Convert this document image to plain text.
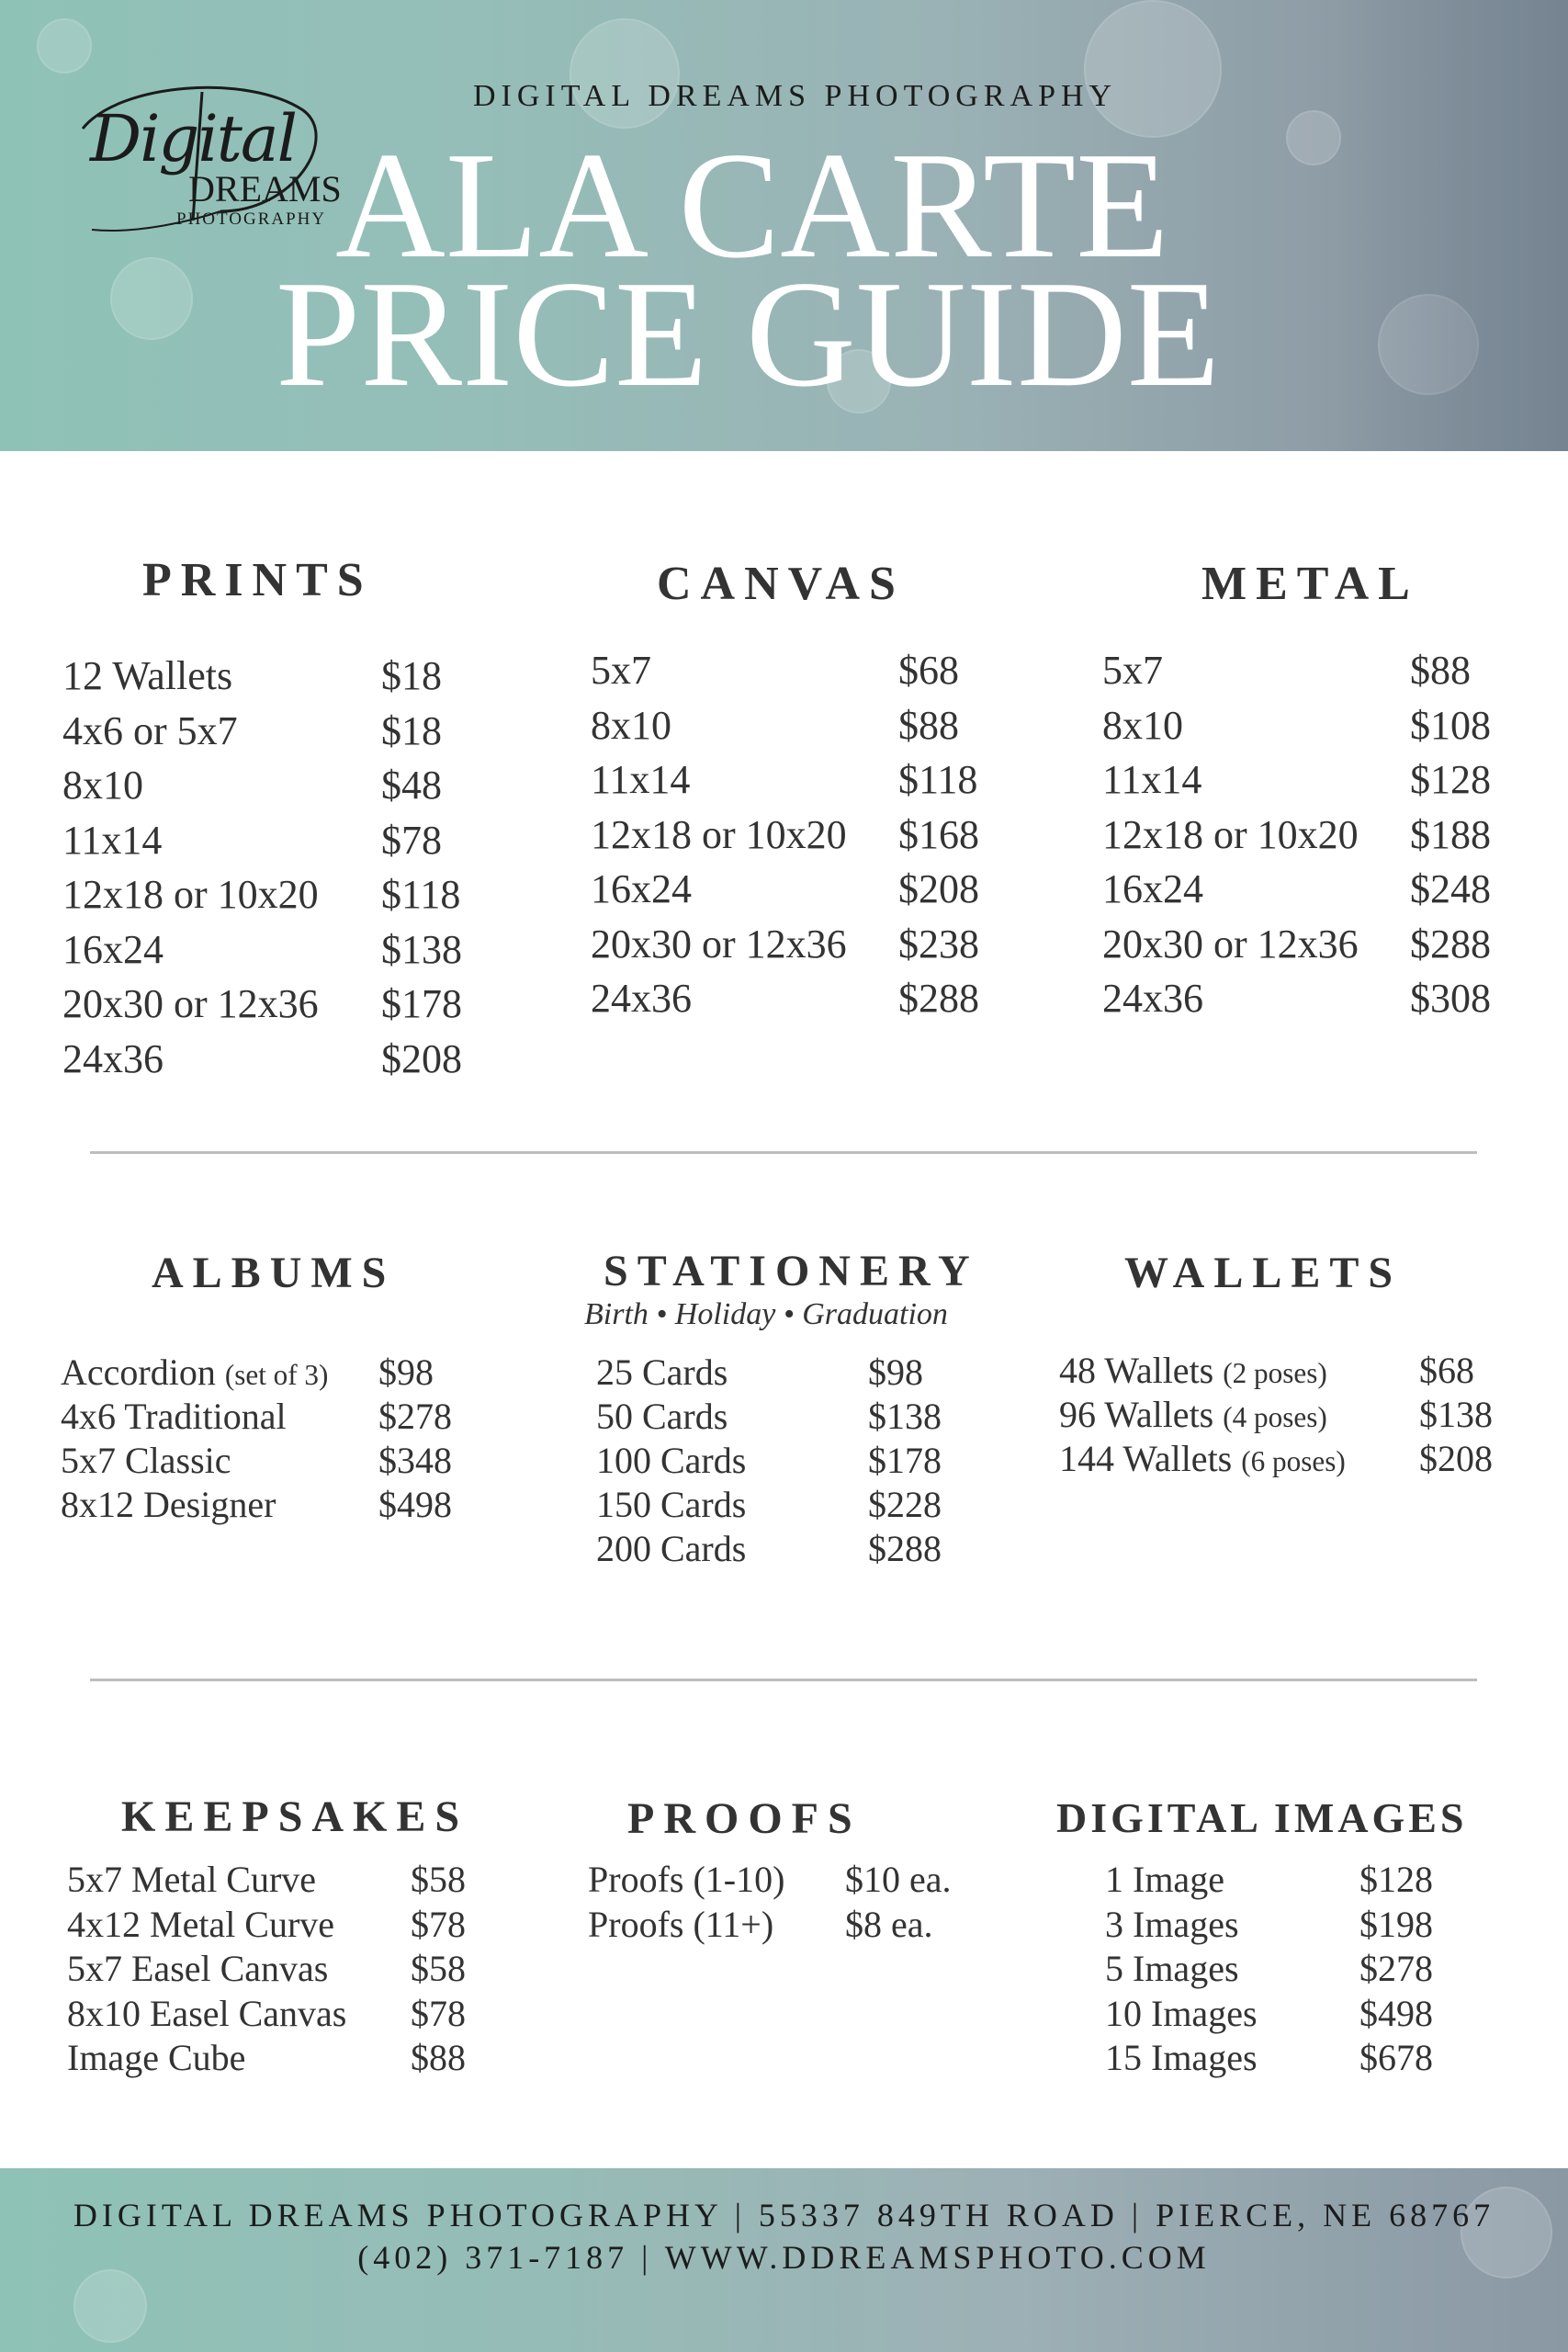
Digital
DREAMS
PHOTOGRAPHY
DIGITAL DREAMS PHOTOGRAPHY
ALA CARTE
PRICE GUIDE
PRINTS
12 Wallets	$18
4x6 or 5x7	$18
8x10	$48
11x14	$78
12x18 or 10x20 $118
16x24	$138
20x30 or 12x36 $178
24x36	$208
CANVAS
5x7	$68
8x10	$88
11x14	$118
12x18 or 10x20 $168
16x24	$208
20x30 or 12x36 $238
24x36	$288
METAL
5x7	$88
8x10	$108
11x14	$128
12x18 or 10x20 $188
16x24	$248
20x30 or 12x36 $288
24x36	$308
ALBUMS
Accordion (set of 3) $98
4x6 Traditional	$278
5x7 Classic	$348
8x12 Designer	$498
STATIONERY
Birth • Holiday • Graduation
25 Cards	$98
50 Cards	$138
100 Cards	$178
150 Cards	$228
200 Cards	$288
WALLETS
48 Wallets (2 poses)	$68
96 Wallets (4 poses)	$138
144 Wallets (6 poses) $208
KEEPSAKES
5x7 Metal Curve	$58
4x12 Metal Curve $78
5x7 Easel Canvas $58
8x10 Easel Canvas $78
Image Cube	$88
PROOFS
Proofs (1-10) $10 ea.
Proofs (11+) $8 ea.
DIGITAL IMAGES
1 Image	$128
3 Images	$198
5 Images	$278
10 Images	$498
15 Images	$678
DIGITAL DREAMS PHOTOGRAPHY | 55337 849TH ROAD | PIERCE, NE 68767
(402) 371-7187 | WWW.DDREAMSPHOTO.COM
